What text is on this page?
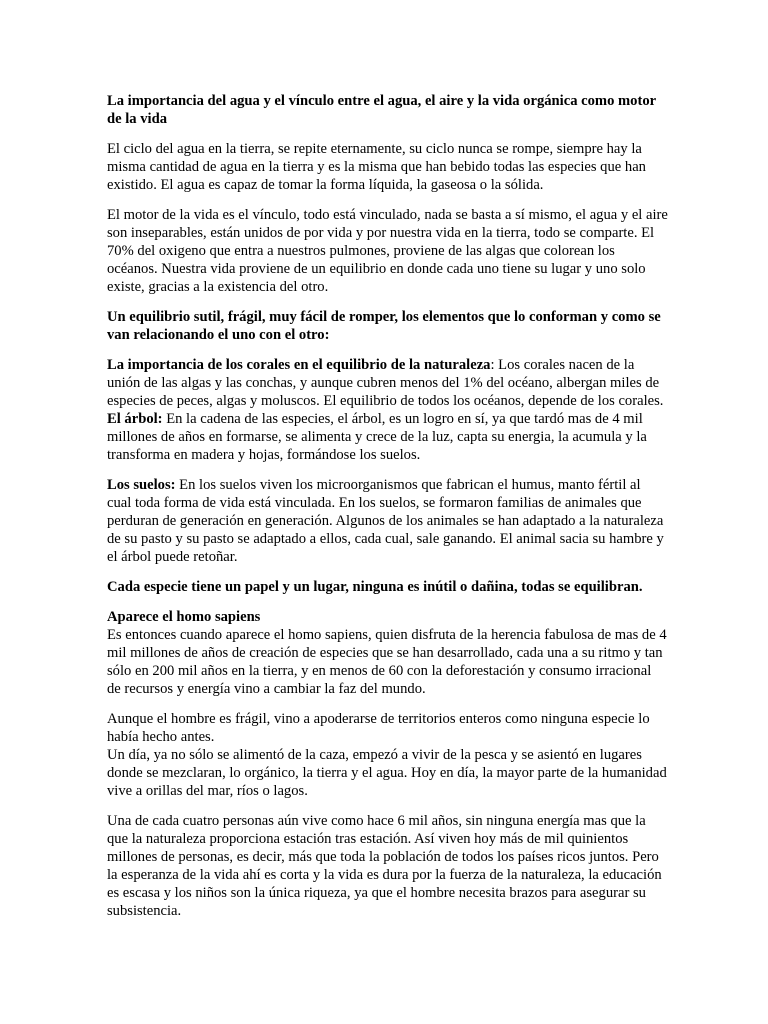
La importancia del agua y el vínculo entre el agua, el aire y la vida orgánica como motor de la vida

El ciclo del agua en la tierra, se repite eternamente, su ciclo nunca se rompe, siempre hay la misma cantidad de agua en la tierra y es la misma que han bebido todas las especies que han existido. El agua es capaz de tomar la forma líquida, la gaseosa o la sólida.

El motor de la vida es el vínculo, todo está vinculado, nada se basta a sí mismo, el agua y el aire son inseparables, están unidos de por vida y por nuestra vida en la tierra, todo se comparte. El 70% del oxigeno que entra a nuestros pulmones, proviene de las algas que colorean los océanos. Nuestra vida proviene de un equilibrio en donde cada uno tiene su lugar y uno solo existe, gracias a la existencia del otro.

Un equilibrio sutil, frágil, muy fácil de romper, los elementos que lo conforman y como se van relacionando el uno con el otro:

La importancia de los corales en el equilibrio de la naturaleza: Los corales nacen de la unión de las algas y las conchas, y aunque cubren menos del 1% del océano, albergan miles de especies de peces, algas y moluscos. El equilibrio de todos los océanos, depende de los corales.

El árbol: En la cadena de las especies, el árbol, es un logro en sí, ya que tardó mas de 4 mil millones de años en formarse, se alimenta y crece de la luz, capta su energia, la acumula y la transforma en madera y hojas, formándose los suelos.

Los suelos: En los suelos viven los microorganismos que fabrican el humus, manto fértil al cual toda forma de vida está vinculada. En los suelos, se formaron familias de animales que perduran de generación en generación. Algunos de los animales se han adaptado a la naturaleza de su pasto y su pasto se adaptado a ellos, cada cual, sale ganando. El animal sacia su hambre y el árbol puede retoñar.

Cada especie tiene un papel y un lugar, ninguna es inútil o dañina, todas se equilibran.

Aparece el homo sapiens
Es entonces cuando aparece el homo sapiens, quien disfruta de la herencia fabulosa de mas de 4 mil millones de años de creación de especies que se han desarrollado, cada una a su ritmo y tan sólo en 200 mil años en la tierra, y en menos de 60 con la deforestación y consumo irracional de recursos y energía vino a cambiar la faz del mundo.

Aunque el hombre es frágil, vino a apoderarse de territorios enteros como ninguna especie lo había hecho antes.
Un día, ya no sólo se alimentó de la caza, empezó a vivir de la pesca y se asientó en lugares donde se mezclaran, lo orgánico, la tierra y el agua. Hoy en día, la mayor parte de la humanidad vive a orillas del mar, ríos o lagos.

Una de cada cuatro personas aún vive como hace 6 mil años, sin ninguna energía mas que la que la naturaleza proporciona estación tras estación. Así viven hoy más de mil quinientos millones de personas, es decir, más que toda la población de todos los países ricos juntos. Pero la esperanza de la vida ahí es corta y la vida es dura por la fuerza de la naturaleza, la educación es escasa y los niños son la única riqueza, ya que el hombre necesita brazos para asegurar su subsistencia.
